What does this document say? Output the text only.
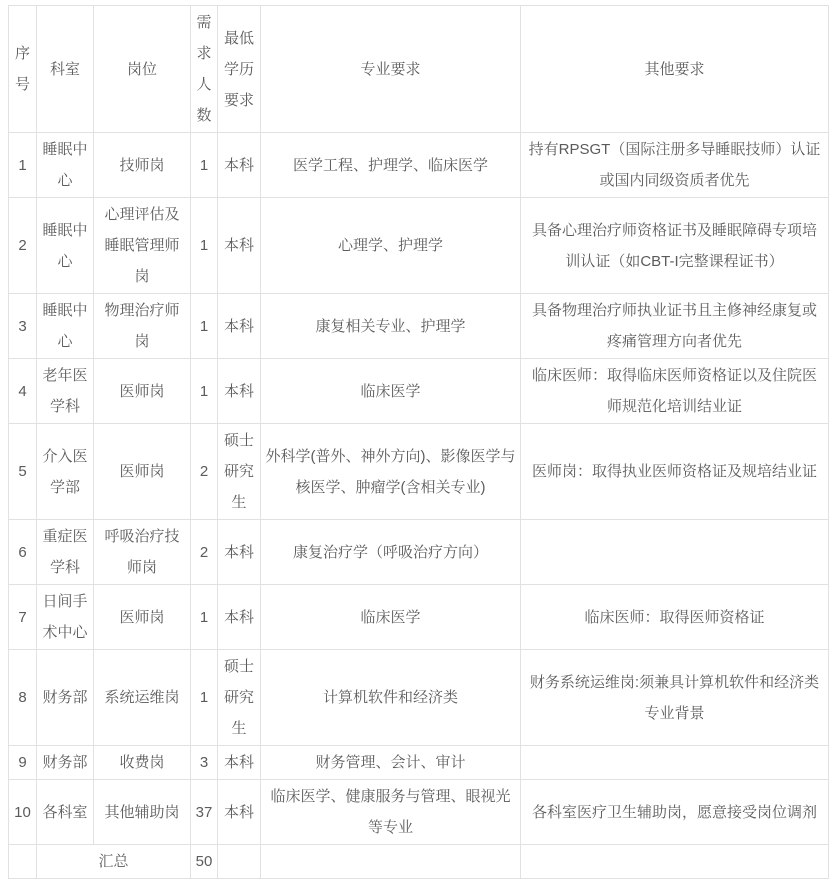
序号	科室	岗位	需求人数	最低学历要求	专业要求	其他要求
1	睡眠中心	技师岗	1	本科	医学工程、护理学、临床医学	持有RPSGT（国际注册多导睡眠技师）认证或国内同级资质者优先
2	睡眠中心	心理评估及睡眠管理师岗	1	本科	心理学、护理学	具备心理治疗师资格证书及睡眠障碍专项培训认证（如CBT-I完整课程证书）
3	睡眠中心	物理治疗师岗	1	本科	康复相关专业、护理学	具备物理治疗师执业证书且主修神经康复或疼痛管理方向者优先
4	老年医学科	医师岗	1	本科	临床医学	临床医师：取得临床医师资格证以及住院医师规范化培训结业证
5	介入医学部	医师岗	2	硕士研究生	外科学(普外、神外方向)、影像医学与核医学、肿瘤学(含相关专业)	医师岗：取得执业医师资格证及规培结业证
6	重症医学科	呼吸治疗技师岗	2	本科	康复治疗学（呼吸治疗方向）	
7	日间手术中心	医师岗	1	本科	临床医学	临床医师：取得医师资格证
8	财务部	系统运维岗	1	硕士研究生	计算机软件和经济类	财务系统运维岗:须兼具计算机软件和经济类专业背景
9	财务部	收费岗	3	本科	财务管理、会计、审计	
10	各科室	其他辅助岗	37	本科	临床医学、健康服务与管理、眼视光等专业	各科室医疗卫生辅助岗，愿意接受岗位调剂
	汇总		50			
